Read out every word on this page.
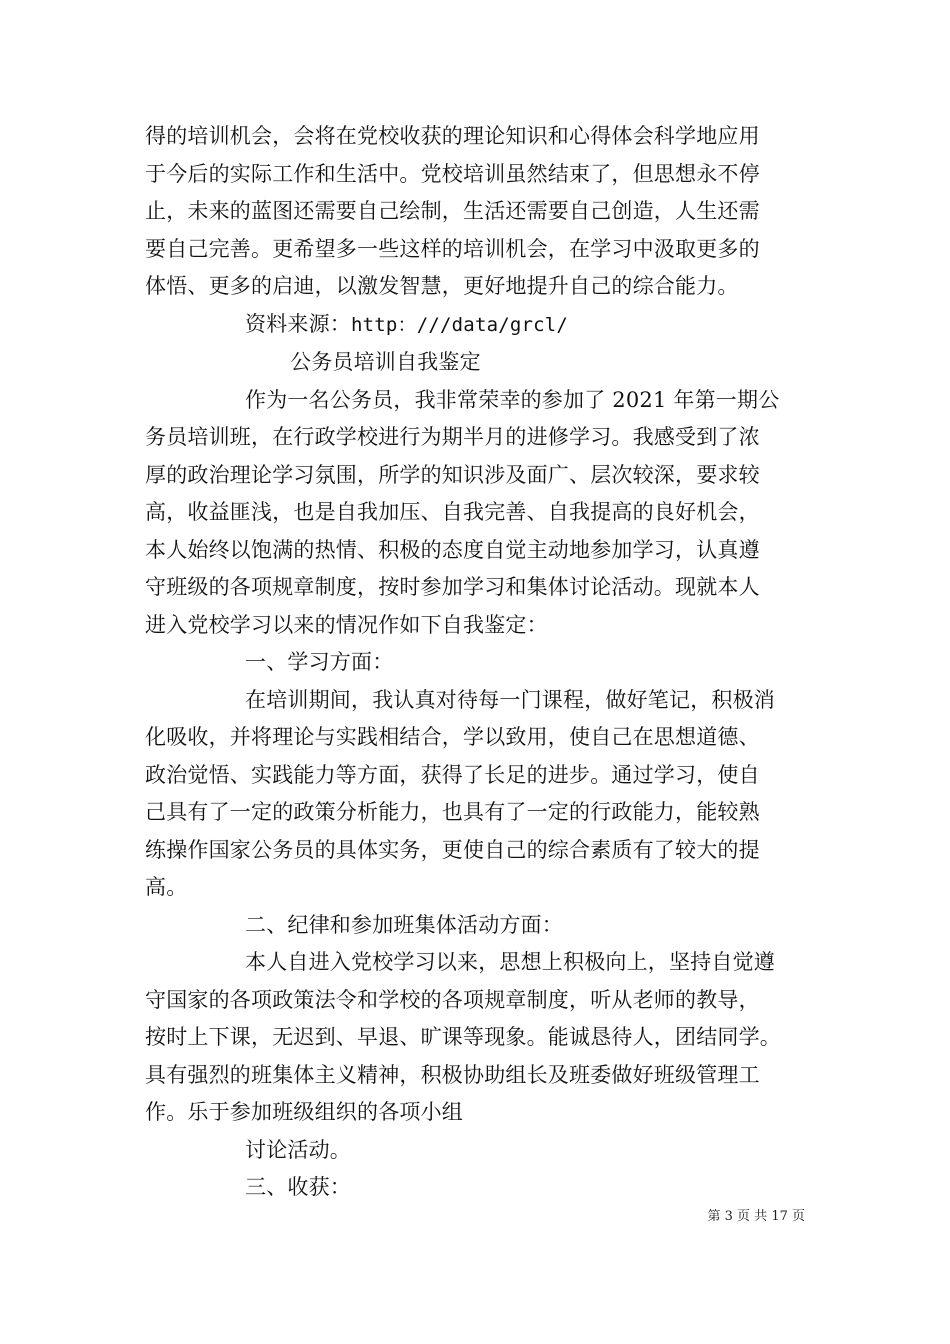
得的培训机会，会将在党校收获的理论知识和心得体会科学地应用

于今后的实际工作和生活中。党校培训虽然结束了，但思想永不停

止，未来的蓝图还需要自己绘制，生活还需要自己创造，人生还需

要自己完善。更希望多一些这样的培训机会，在学习中汲取更多的

体悟、更多的启迪，以激发智慧，更好地提升自己的综合能力。

资料来源：http：///data/grcl/

公务员培训自我鉴定

作为一名公务员，我非常荣幸的参加了 2021 年第一期公

务员培训班，在行政学校进行为期半月的进修学习。我感受到了浓

厚的政治理论学习氛围，所学的知识涉及面广、层次较深，要求较

高，收益匪浅，也是自我加压、自我完善、自我提高的良好机会，

本人始终以饱满的热情、积极的态度自觉主动地参加学习，认真遵

守班级的各项规章制度，按时参加学习和集体讨论活动。现就本人

进入党校学习以来的情况作如下自我鉴定：

一、学习方面：

在培训期间，我认真对待每一门课程，做好笔记，积极消

化吸收，并将理论与实践相结合，学以致用，使自己在思想道德、

政治觉悟、实践能力等方面，获得了长足的进步。通过学习，使自

己具有了一定的政策分析能力，也具有了一定的行政能力，能较熟

练操作国家公务员的具体实务，更使自己的综合素质有了较大的提

高。

二、纪律和参加班集体活动方面：

本人自进入党校学习以来，思想上积极向上，坚持自觉遵

守国家的各项政策法令和学校的各项规章制度，听从老师的教导，

按时上下课，无迟到、早退、旷课等现象。能诚恳待人，团结同学。

具有强烈的班集体主义精神，积极协助组长及班委做好班级管理工

作。乐于参加班级组织的各项小组

讨论活动。

三、收获：

第 3 页 共 17 页
